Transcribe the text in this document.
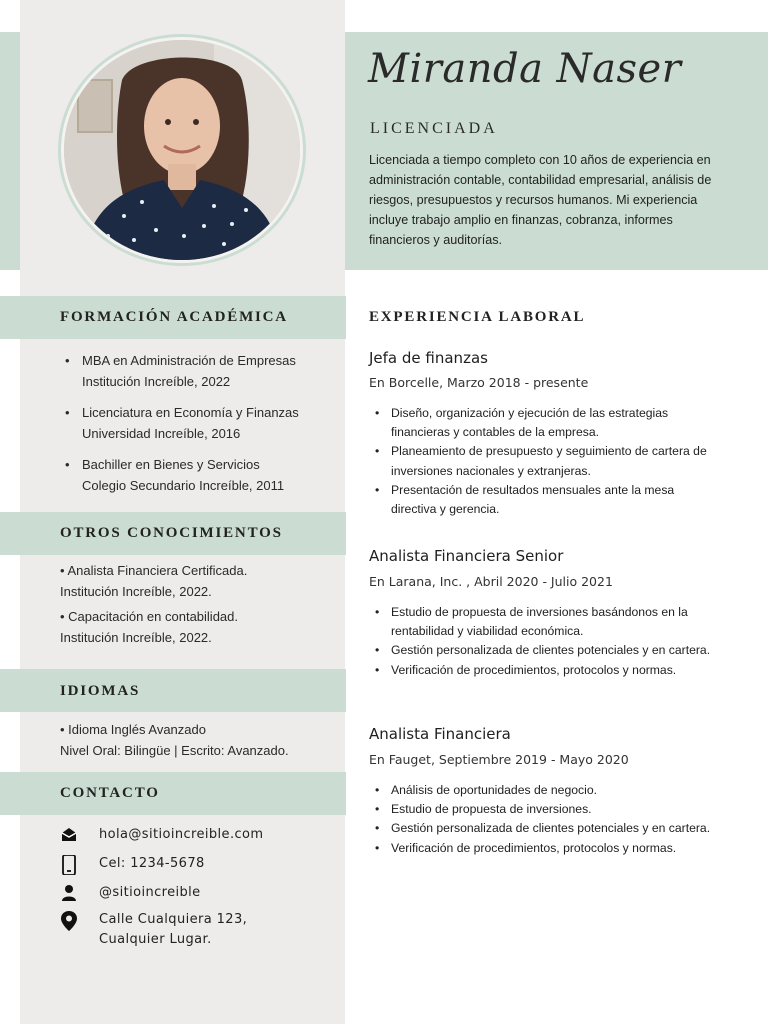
Miranda Naser
LICENCIADA
Licenciada a tiempo completo con 10 años de experiencia en administración contable, contabilidad empresarial, análisis de riesgos, presupuestos y recursos humanos. Mi experiencia incluye trabajo amplio en finanzas, cobranza, informes financieros y auditorías.
FORMACIÓN ACADÉMICA
• MBA en Administración de Empresas
Institución Increíble, 2022
• Licenciatura en Economía y Finanzas
Universidad Increíble, 2016
• Bachiller en Bienes y Servicios
Colegio Secundario Increíble, 2011
OTROS CONOCIMIENTOS
• Analista Financiera Certificada.
Institución Increíble, 2022.
• Capacitación en contabilidad.
Institución Increíble, 2022.
IDIOMAS
• Idioma Inglés Avanzado
Nivel Oral: Bilingüe | Escrito: Avanzado.
CONTACTO
hola@sitioincreible.com
Cel: 1234-5678
@sitioincreible
Calle Cualquiera 123,
Cualquier Lugar.
EXPERIENCIA LABORAL
Jefa de finanzas
En Borcelle, Marzo 2018 - presente
• Diseño, organización y ejecución de las estrategias financieras y contables de la empresa.
• Planeamiento de presupuesto y seguimiento de cartera de inversiones nacionales y extranjeras.
• Presentación de resultados mensuales ante la mesa directiva y gerencia.
Analista Financiera Senior
En Larana, Inc. , Abril 2020 - Julio 2021
• Estudio de propuesta de inversiones basándonos en la rentabilidad y viabilidad económica.
• Gestión personalizada de clientes potenciales y en cartera.
• Verificación de procedimientos, protocolos y normas.
Analista Financiera
En Fauget, Septiembre 2019 - Mayo 2020
• Análisis de oportunidades de negocio.
• Estudio de propuesta de inversiones.
• Gestión personalizada de clientes potenciales y en cartera.
• Verificación de procedimientos, protocolos y normas.
